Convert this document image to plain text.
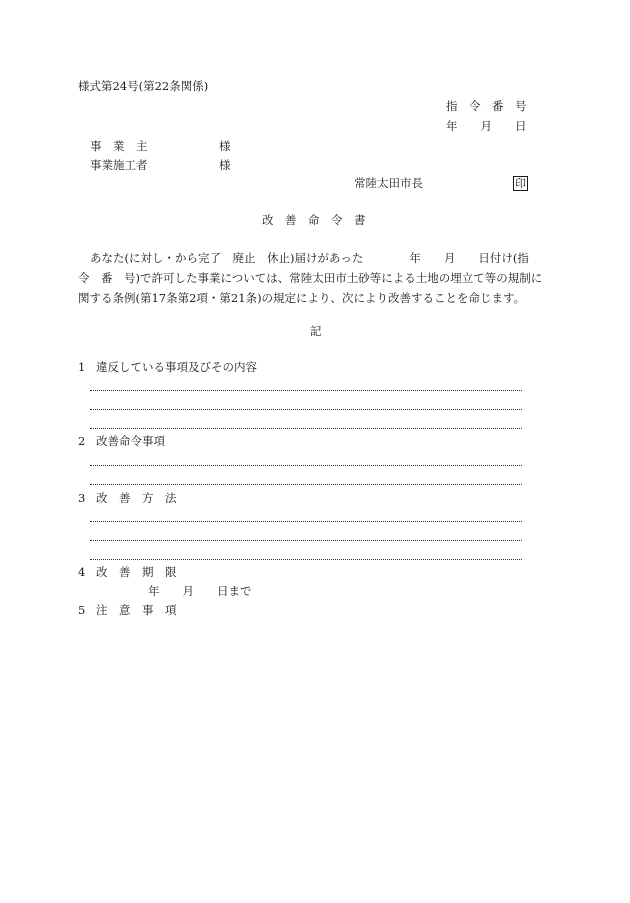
様式第24号(第22条関係)
指　令　番　号
年　　月　　日
事　業　主	様
事業施工者	様
常陸太田市長	印
改　善　命　令　書
あなた(に対し・から完了　廃止　休止)届けがあった　　　　年　　月　　日付け(指
令　番　号)で許可した事業については、常陸太田市土砂等による土地の埋立て等の規制に
関する条例(第17条第2項・第21条)の規定により、次により改善することを命じます。
記
1 違反している事項及びその内容
2 改善命令事項
3 改　善　方　法
4 改　善　期　限
年　　月　　日まで
5 注　意　事　項
